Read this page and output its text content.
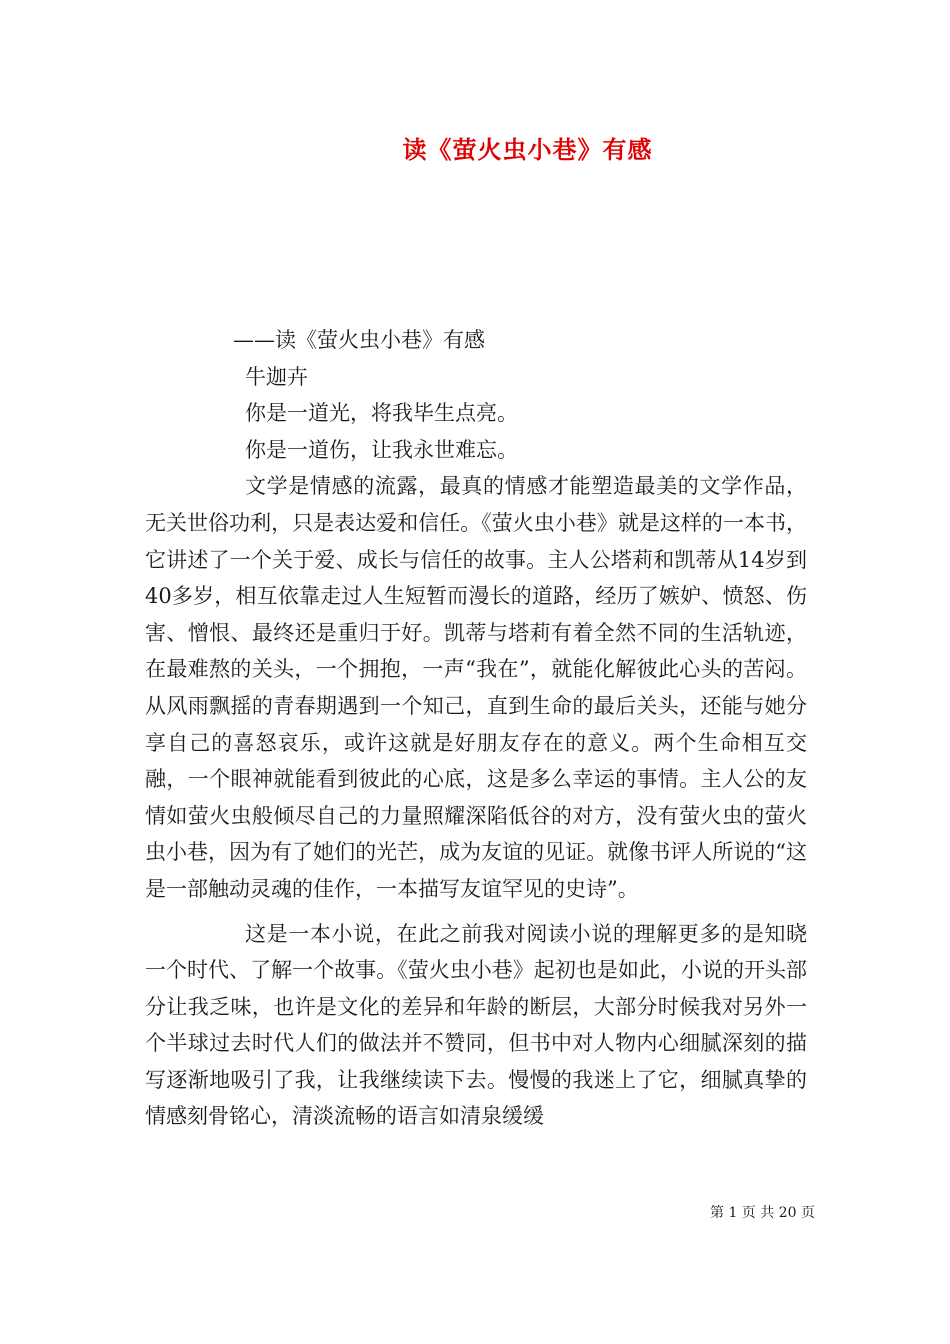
读《萤火虫小巷》有感

——读《萤火虫小巷》有感

牛迦卉

你是一道光，将我毕生点亮。

你是一道伤，让我永世难忘。

文学是情感的流露，最真的情感才能塑造最美的文学作品，无关世俗功利，只是表达爱和信任。《萤火虫小巷》就是这样的一本书，它讲述了一个关于爱、成长与信任的故事。主人公塔莉和凯蒂从14岁到40多岁，相互依靠走过人生短暂而漫长的道路，经历了嫉妒、愤怒、伤害、憎恨、最终还是重归于好。凯蒂与塔莉有着全然不同的生活轨迹，在最难熬的关头，一个拥抱，一声“我在”，就能化解彼此心头的苦闷。从风雨飘摇的青春期遇到一个知己，直到生命的最后关头，还能与她分享自己的喜怒哀乐，或许这就是好朋友存在的意义。两个生命相互交融，一个眼神就能看到彼此的心底，这是多么幸运的事情。主人公的友情如萤火虫般倾尽自己的力量照耀深陷低谷的对方，没有萤火虫的萤火虫小巷，因为有了她们的光芒，成为友谊的见证。就像书评人所说的“这是一部触动灵魂的佳作，一本描写友谊罕见的史诗”。

这是一本小说，在此之前我对阅读小说的理解更多的是知晓一个时代、了解一个故事。《萤火虫小巷》起初也是如此，小说的开头部分让我乏味，也许是文化的差异和年龄的断层，大部分时候我对另外一个半球过去时代人们的做法并不赞同，但书中对人物内心细腻深刻的描写逐渐地吸引了我，让我继续读下去。慢慢的我迷上了它，细腻真挚的情感刻骨铭心，清淡流畅的语言如清泉缓缓

第 1 页 共 20 页
